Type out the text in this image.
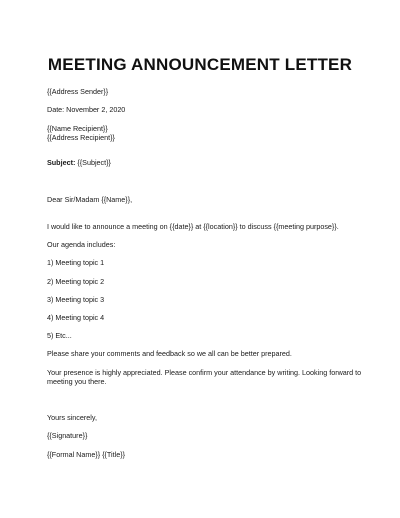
MEETING ANNOUNCEMENT LETTER
{{Address Sender}}
Date: November 2, 2020
{{Name Recipient}}
{{Address Recipient}}
Subject: {{Subject}}
Dear Sir/Madam {{Name}},
I would like to announce a meeting on {{date}} at {{location}} to discuss {{meeting purpose}}.
Our agenda includes:
1) Meeting topic 1
2) Meeting topic 2
3) Meeting topic 3
4) Meeting topic 4
5) Etc...
Please share your comments and feedback so we all can be better prepared.
Your presence is highly appreciated. Please confirm your attendance by writing. Looking forward to
meeting you there.
Yours sincerely,
{{Signature}}
{{Formal Name}} {{Title}}
